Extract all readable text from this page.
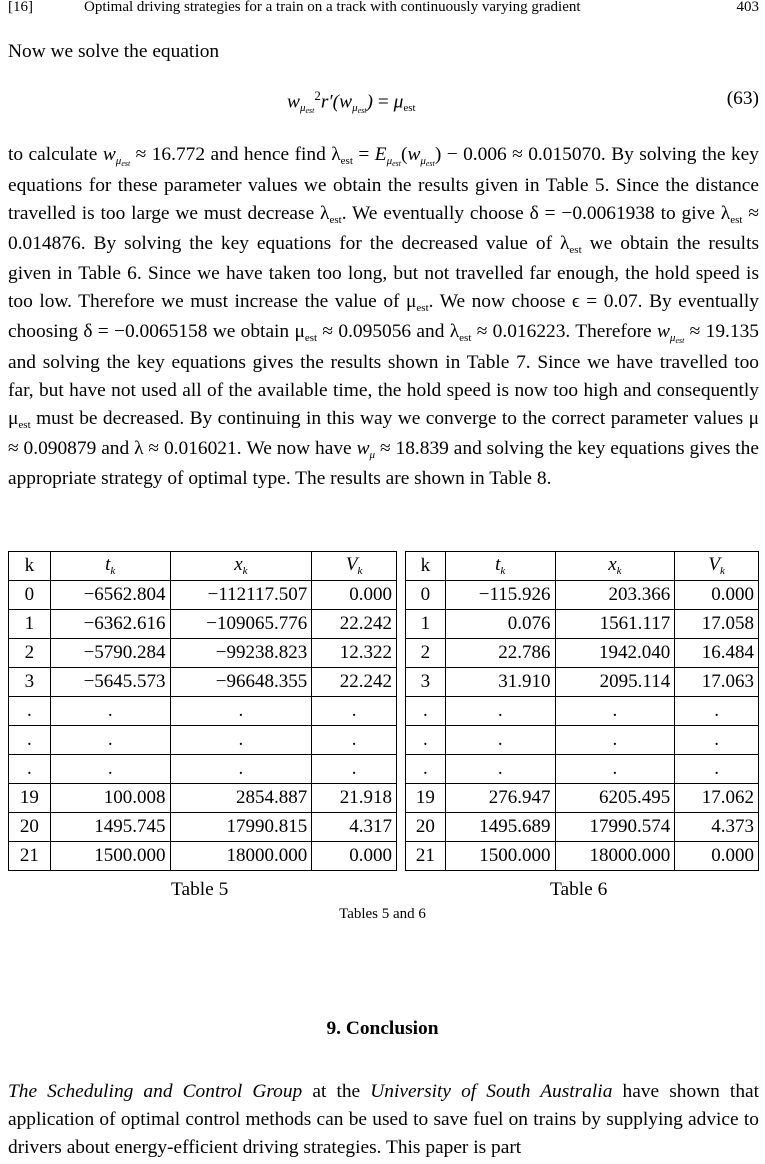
[16]	Optimal driving strategies for a train on a track with continuously varying gradient	403

Now we solve the equation

$w_{\mu est}^2r'(w_{\mu est}) = \mu_{est}$	(63)

to calculate $w_{\mu est} \approx 16.772$ and hence find $\lambda_{est} = E_{\mu est}(w_{\mu est}) - 0.006 \approx 0.015070$. By solving the key equations for these parameter values we obtain the results given in Table 5. Since the distance travelled is too large we must decrease $\lambda_{est}$. We eventually choose δ = −0.0061938 to give $\lambda_{est} \approx 0.014876$. By solving the key equations for the decreased value of $\lambda_{est}$ we obtain the results given in Table 6. Since we have taken too long, but not travelled far enough, the hold speed is too low. Therefore we must increase the value of $\mu_{est}$. We now choose ϵ = 0.07. By eventually choosing δ = −0.0065158 we obtain $\mu_{est} \approx 0.095056$ and $\lambda_{est} \approx 0.016223$. Therefore $w_{\mu est} \approx 19.135$ and solving the key equations gives the results shown in Table 7. Since we have travelled too far, but have not used all of the available time, the hold speed is now too high and consequently $\mu_{est}$ must be decreased. By continuing in this way we converge to the correct parameter values μ ≈ 0.090879 and λ ≈ 0.016021. We now have $w_\mu \approx 18.839$ and solving the key equations gives the appropriate strategy of optimal type. The results are shown in Table 8.

k	$t_k$	$x_k$	$V_k$
0	−6562.804	−112117.507	0.000
1	−6362.616	−109065.776	22.242
2	−5790.284	−99238.823	12.322
3	−5645.573	−96648.355	22.242
.	.	.	.
.	.	.	.
.	.	.	.
19	100.008	2854.887	21.918
20	1495.745	17990.815	4.317
21	1500.000	18000.000	0.000
k	$t_k$	$x_k$	$V_k$
0	−115.926	203.366	0.000
1	0.076	1561.117	17.058
2	22.786	1942.040	16.484
3	31.910	2095.114	17.063
.	.	.	.
.	.	.	.
.	.	.	.
19	276.947	6205.495	17.062
20	1495.689	17990.574	4.373
21	1500.000	18000.000	0.000
Table 5	Table 6
Tables 5 and 6
9. Conclusion

The Scheduling and Control Group at the University of South Australia have shown that application of optimal control methods can be used to save fuel on trains by supplying advice to drivers about energy-efficient driving strategies. This paper is part
